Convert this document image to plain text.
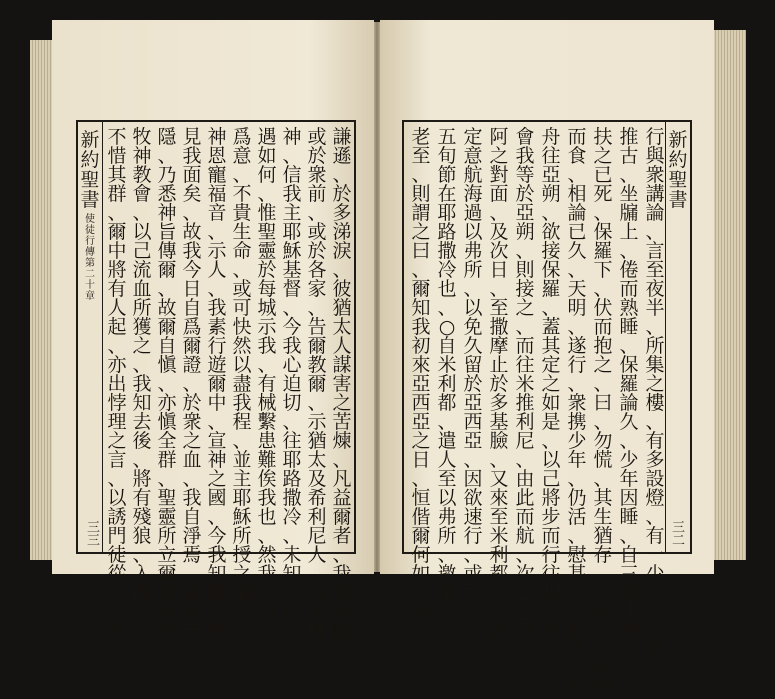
新
約
聖
書
使
徒
行
傳
第
二
十
章
三三
不
惜
其
群
、
爾
中
將
有
人
起
、
亦
出
悖
理
之
言
、
以
誘
門
徒
從
之
、
故
牧
神
教
會
、
以
己
流
血
所
獲
之
、
我
知
去
後
、
將
有
殘
狼
、
入
爾
中
、
隱
、
乃
悉
神
旨
傳
爾
、
故
爾
自
愼
、
亦
愼
全
群
、
聖
靈
所
立
爾
爲
督
者
、
見
我
面
矣
、
故
我
今
日
自
爲
爾
證
、
於
衆
之
血
、
我
自
淨
焉
、
蓋
我
未
神
恩
寵
福
音
、
示
人
、
我
素
行
遊
爾
中
、
宣
神
之
國
、
今
我
知
爾
不
復
爲
意
、
不
貴
生
命
、
或
可
快
然
以
盡
我
程
、
並
主
耶
穌
所
授
之
職
、
以
遇
如
何
、
惟
聖
靈
於
每
城
示
我
、
有
械
繫
患
難
俟
我
也
、
然
我
不
以
神
、
信
我
主
耶
穌
基
督
、
今
我
心
迫
切
、
往
耶
路
撒
冷
、
未
知
於
彼
所
或
於
衆
前
、
或
於
各
家
、
告
爾
教
爾
、
示
猶
太
及
希
利
尼
人
、
悔
改
歸
謙
遜
、
於
多
涕
淚
、
彼
猶
太
人
謀
害
之
苦
煉
、
凡
益
爾
者
、
我
無
所
隱
、
新
約
聖
書
三二
老
至
、
則
謂
之
曰
、
爾
知
我
初
來
亞
西
亞
之
日
、
恒
偕
爾
何
如
、
事
主
五
旬
節
在
耶
路
撒
冷
也
、
○
自
米
利
都
、
遣
人
至
以
弗
所
、
邀
會
長
定
意
航
海
過
以
弗
所
、
以
免
久
留
於
亞
西
亞
、
因
欲
速
行
、
或
可
於
阿
之
對
面
、
及
次
日
、
至
撒
摩
止
於
多
基
臉
、
又
來
至
米
利
都
、
保
羅
會
我
等
於
亞
朔
、
則
接
之
、
而
往
米
推
利
尼
、
由
此
而
航
、
次
日
至
基
舟
往
亞
朔
、
欲
接
保
羅
、
蓋
其
定
之
如
是
、
以
己
將
步
而
行
往
也
、
既
而
食
、
相
論
已
久
、
天
明
、
遂
行
、
衆
携
少
年
、
仍
活
、
慰
甚
、
○
我
等
先
登
扶
之
已
死
、
保
羅
下
、
伏
而
抱
之
、
曰
、
勿
慌
、
其
生
猶
存
、
乃
復
上
、
擘
餅
推
古
、
坐
牖
上
、
倦
而
熟
睡
、
保
羅
論
久
、
少
年
因
睡
、
自
三
層
樓
墜
下
、
行
與
衆
講
論
、
言
至
夜
半
、
所
集
之
樓
、
有
多
設
燈
、
有
一
少
年
、
名
猶
